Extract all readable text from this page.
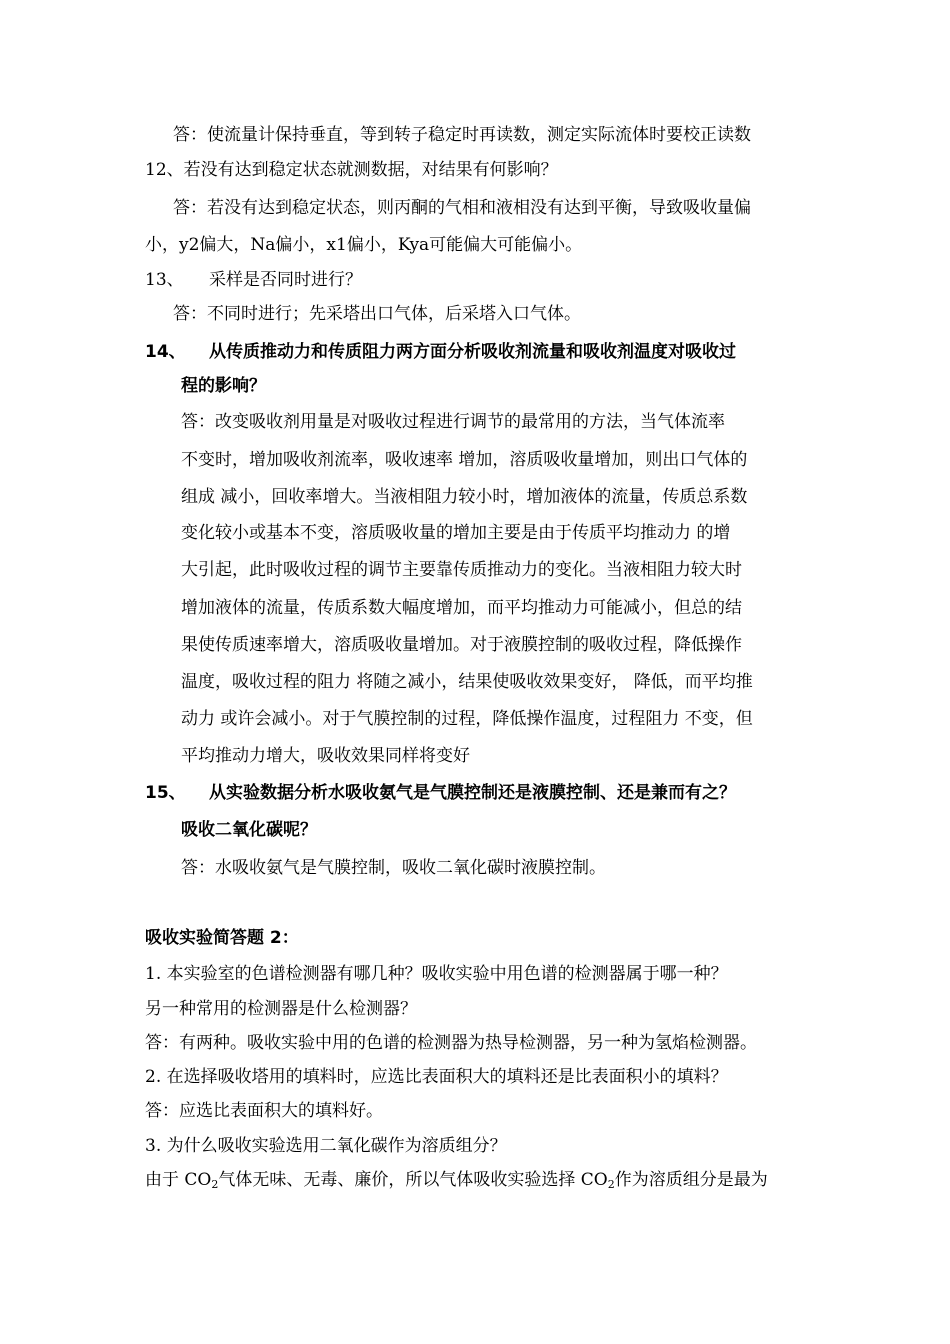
答：使流量计保持垂直，等到转子稳定时再读数，测定实际流体时要校正读数
12、若没有达到稳定状态就测数据，对结果有何影响？
答：若没有达到稳定状态，则丙酮的气相和液相没有达到平衡，导致吸收量偏
小，y2偏大，Na偏小，x1偏小，Kya可能偏大可能偏小。
13、 采样是否同时进行？
答：不同时进行；先采塔出口气体，后采塔入口气体。
14、 从传质推动力和传质阻力两方面分析吸收剂流量和吸收剂温度对吸收过
程的影响？
答：改变吸收剂用量是对吸收过程进行调节的最常用的方法，当气体流率
不变时，增加吸收剂流率，吸收速率 增加，溶质吸收量增加，则出口气体的
组成 减小，回收率增大。当液相阻力较小时，增加液体的流量，传质总系数
变化较小或基本不变，溶质吸收量的增加主要是由于传质平均推动力 的增
大引起，此时吸收过程的调节主要靠传质推动力的变化。当液相阻力较大时
增加液体的流量，传质系数大幅度增加，而平均推动力可能减小，但总的结
果使传质速率增大，溶质吸收量增加。对于液膜控制的吸收过程，降低操作
温度，吸收过程的阻力 将随之减小，结果使吸收效果变好， 降低，而平均推
动力 或许会减小。对于气膜控制的过程，降低操作温度，过程阻力 不变，但
平均推动力增大，吸收效果同样将变好
15、 从实验数据分析水吸收氨气是气膜控制还是液膜控制、还是兼而有之？
吸收二氧化碳呢？
答：水吸收氨气是气膜控制，吸收二氧化碳时液膜控制。
吸收实验简答题 2：
1. 本实验室的色谱检测器有哪几种？吸收实验中用色谱的检测器属于哪一种？
另一种常用的检测器是什么检测器？
答：有两种。吸收实验中用的色谱的检测器为热导检测器，另一种为氢焰检测器。
2. 在选择吸收塔用的填料时，应选比表面积大的填料还是比表面积小的填料？
答：应选比表面积大的填料好。
3. 为什么吸收实验选用二氧化碳作为溶质组分？
由于 $CO_2$气体无味、无毒、廉价，所以气体吸收实验选择 $CO_2$作为溶质组分是最为
